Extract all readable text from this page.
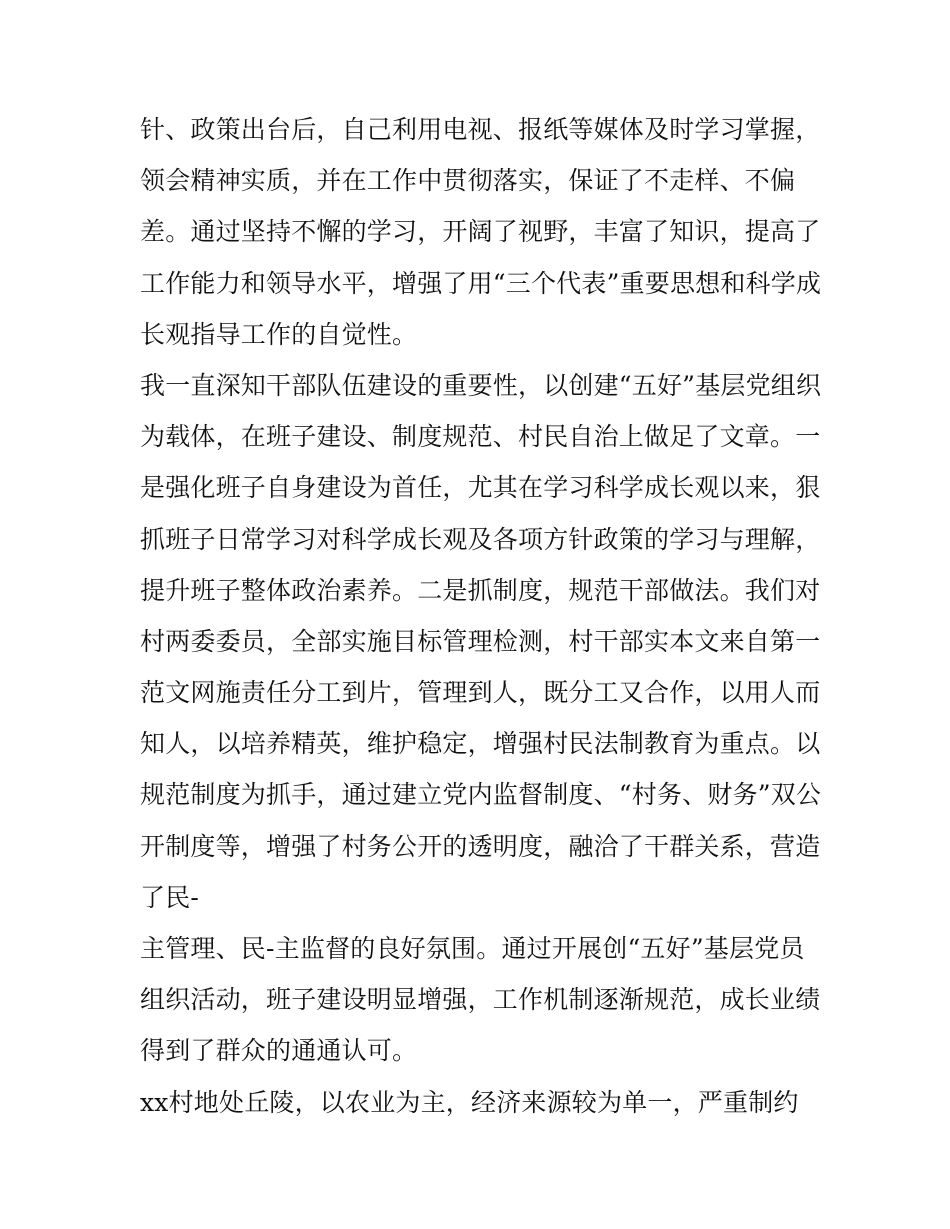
针、政策出台后，自己利用电视、报纸等媒体及时学习掌握，
领会精神实质，并在工作中贯彻落实，保证了不走样、不偏
差。通过坚持不懈的学习，开阔了视野，丰富了知识，提高了
工作能力和领导水平，增强了用“三个代表”重要思想和科学成
长观指导工作的自觉性。
我一直深知干部队伍建设的重要性，以创建“五好”基层党组织
为载体，在班子建设、制度规范、村民自治上做足了文章。一
是强化班子自身建设为首任，尤其在学习科学成长观以来，狠
抓班子日常学习对科学成长观及各项方针政策的学习与理解，
提升班子整体政治素养。二是抓制度，规范干部做法。我们对
村两委委员，全部实施目标管理检测，村干部实本文来自第一
范文网施责任分工到片，管理到人，既分工又合作，以用人而
知人，以培养精英，维护稳定，增强村民法制教育为重点。以
规范制度为抓手，通过建立党内监督制度、“村务、财务”双公
开制度等，增强了村务公开的透明度，融洽了干群关系，营造
了民-
主管理、民-主监督的良好氛围。通过开展创“五好”基层党员
组织活动，班子建设明显增强，工作机制逐渐规范，成长业绩
得到了群众的通通认可。
xx村地处丘陵，以农业为主，经济来源较为单一，严重制约
